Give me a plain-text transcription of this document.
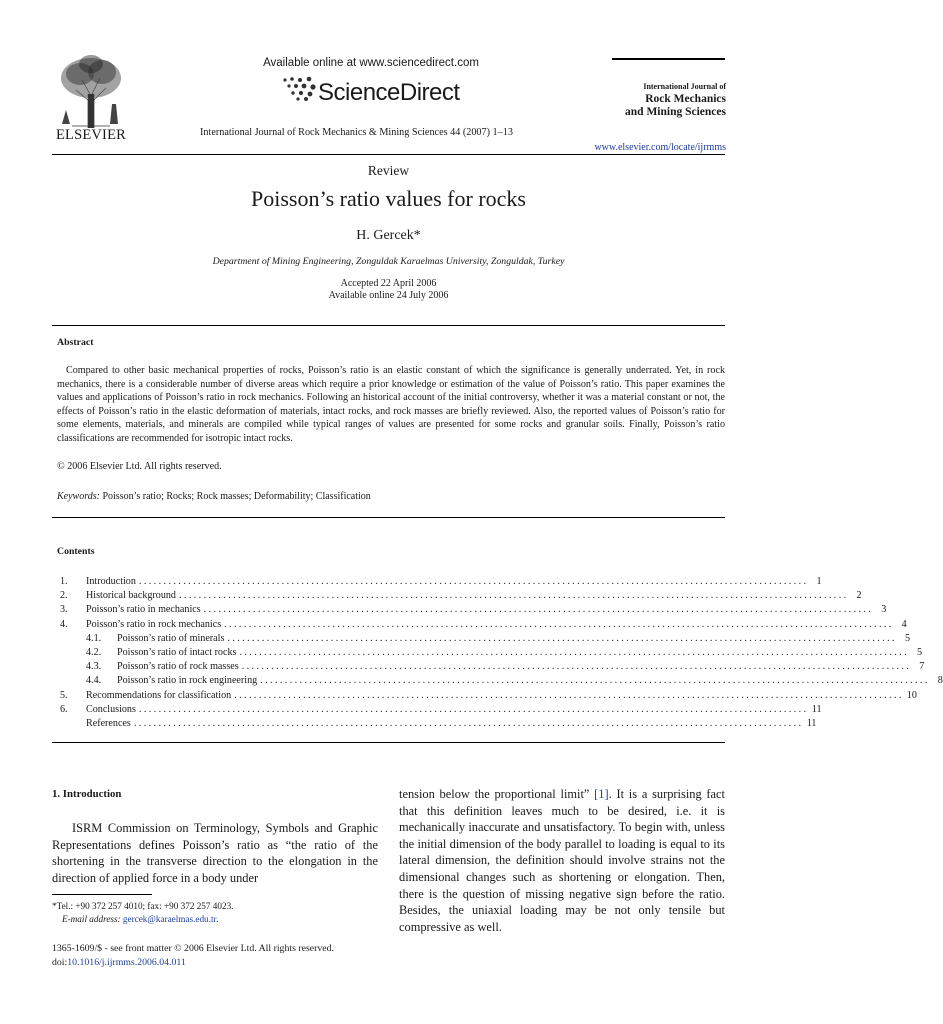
ELSEVIER
Available online at www.sciencedirect.com
ScienceDirect
International Journal of Rock Mechanics & Mining Sciences 44 (2007) 1–13
International Journal of
Rock Mechanics
and Mining Sciences
www.elsevier.com/locate/ijrmms
Review
Poisson’s ratio values for rocks
H. Gercek*
Department of Mining Engineering, Zonguldak Karaelmas University, Zonguldak, Turkey
Accepted 22 April 2006
Available online 24 July 2006
Abstract
Compared to other basic mechanical properties of rocks, Poisson’s ratio is an elastic constant of which the significance is generally underrated. Yet, in rock mechanics, there is a considerable number of diverse areas which require a prior knowledge or estimation of the value of Poisson’s ratio. This paper examines the values and applications of Poisson’s ratio in rock mechanics. Following an historical account of the initial controversy, whether it was a material constant or not, the effects of Poisson’s ratio in the elastic deformation of materials, intact rocks, and rock masses are briefly reviewed. Also, the reported values of Poisson’s ratio for some elements, materials, and minerals are compiled while typical ranges of values are presented for some rocks and granular soils. Finally, Poisson’s ratio classifications are recommended for isotropic intact rocks.
© 2006 Elsevier Ltd. All rights reserved.
Keywords: Poisson’s ratio; Rocks; Rock masses; Deformability; Classification
Contents
1.	Introduction ........................................................................................................................................ 1
2.	Historical background ........................................................................................................................................ 2
3.	Poisson’s ratio in mechanics ........................................................................................................................................ 3
4.	Poisson’s ratio in rock mechanics ........................................................................................................................................ 4
4.1.	Poisson’s ratio of minerals ........................................................................................................................................ 5
4.2.	Poisson’s ratio of intact rocks ........................................................................................................................................ 5
4.3.	Poisson’s ratio of rock masses ........................................................................................................................................ 7
4.4.	Poisson’s ratio in rock engineering ........................................................................................................................................ 8
5.	Recommendations for classification ........................................................................................................................................ 10
6.	Conclusions ........................................................................................................................................ 11
References ........................................................................................................................................ 11
1. Introduction

ISRM Commission on Terminology, Symbols and Graphic Representations defines Poisson’s ratio as “the ratio of the shortening in the transverse direction to the elongation in the direction of applied force in a body under

tension below the proportional limit” [1]. It is a surprising fact that this definition leaves much to be desired, i.e. it is mechanically inaccurate and unsatisfactory. To begin with, unless the initial dimension of the body parallel to loading is equal to its lateral dimension, the definition should involve strains not the dimensional changes such as shortening or elongation. Then, there is the question of missing negative sign before the ratio. Besides, the uniaxial loading may be not only tensile but compressive as well.

*Tel.: +90 372 257 4010; fax: +90 372 257 4023.
E-mail address: gercek@karaelmas.edu.tr.
1365-1609/$ - see front matter © 2006 Elsevier Ltd. All rights reserved.
doi:10.1016/j.ijrmms.2006.04.011
